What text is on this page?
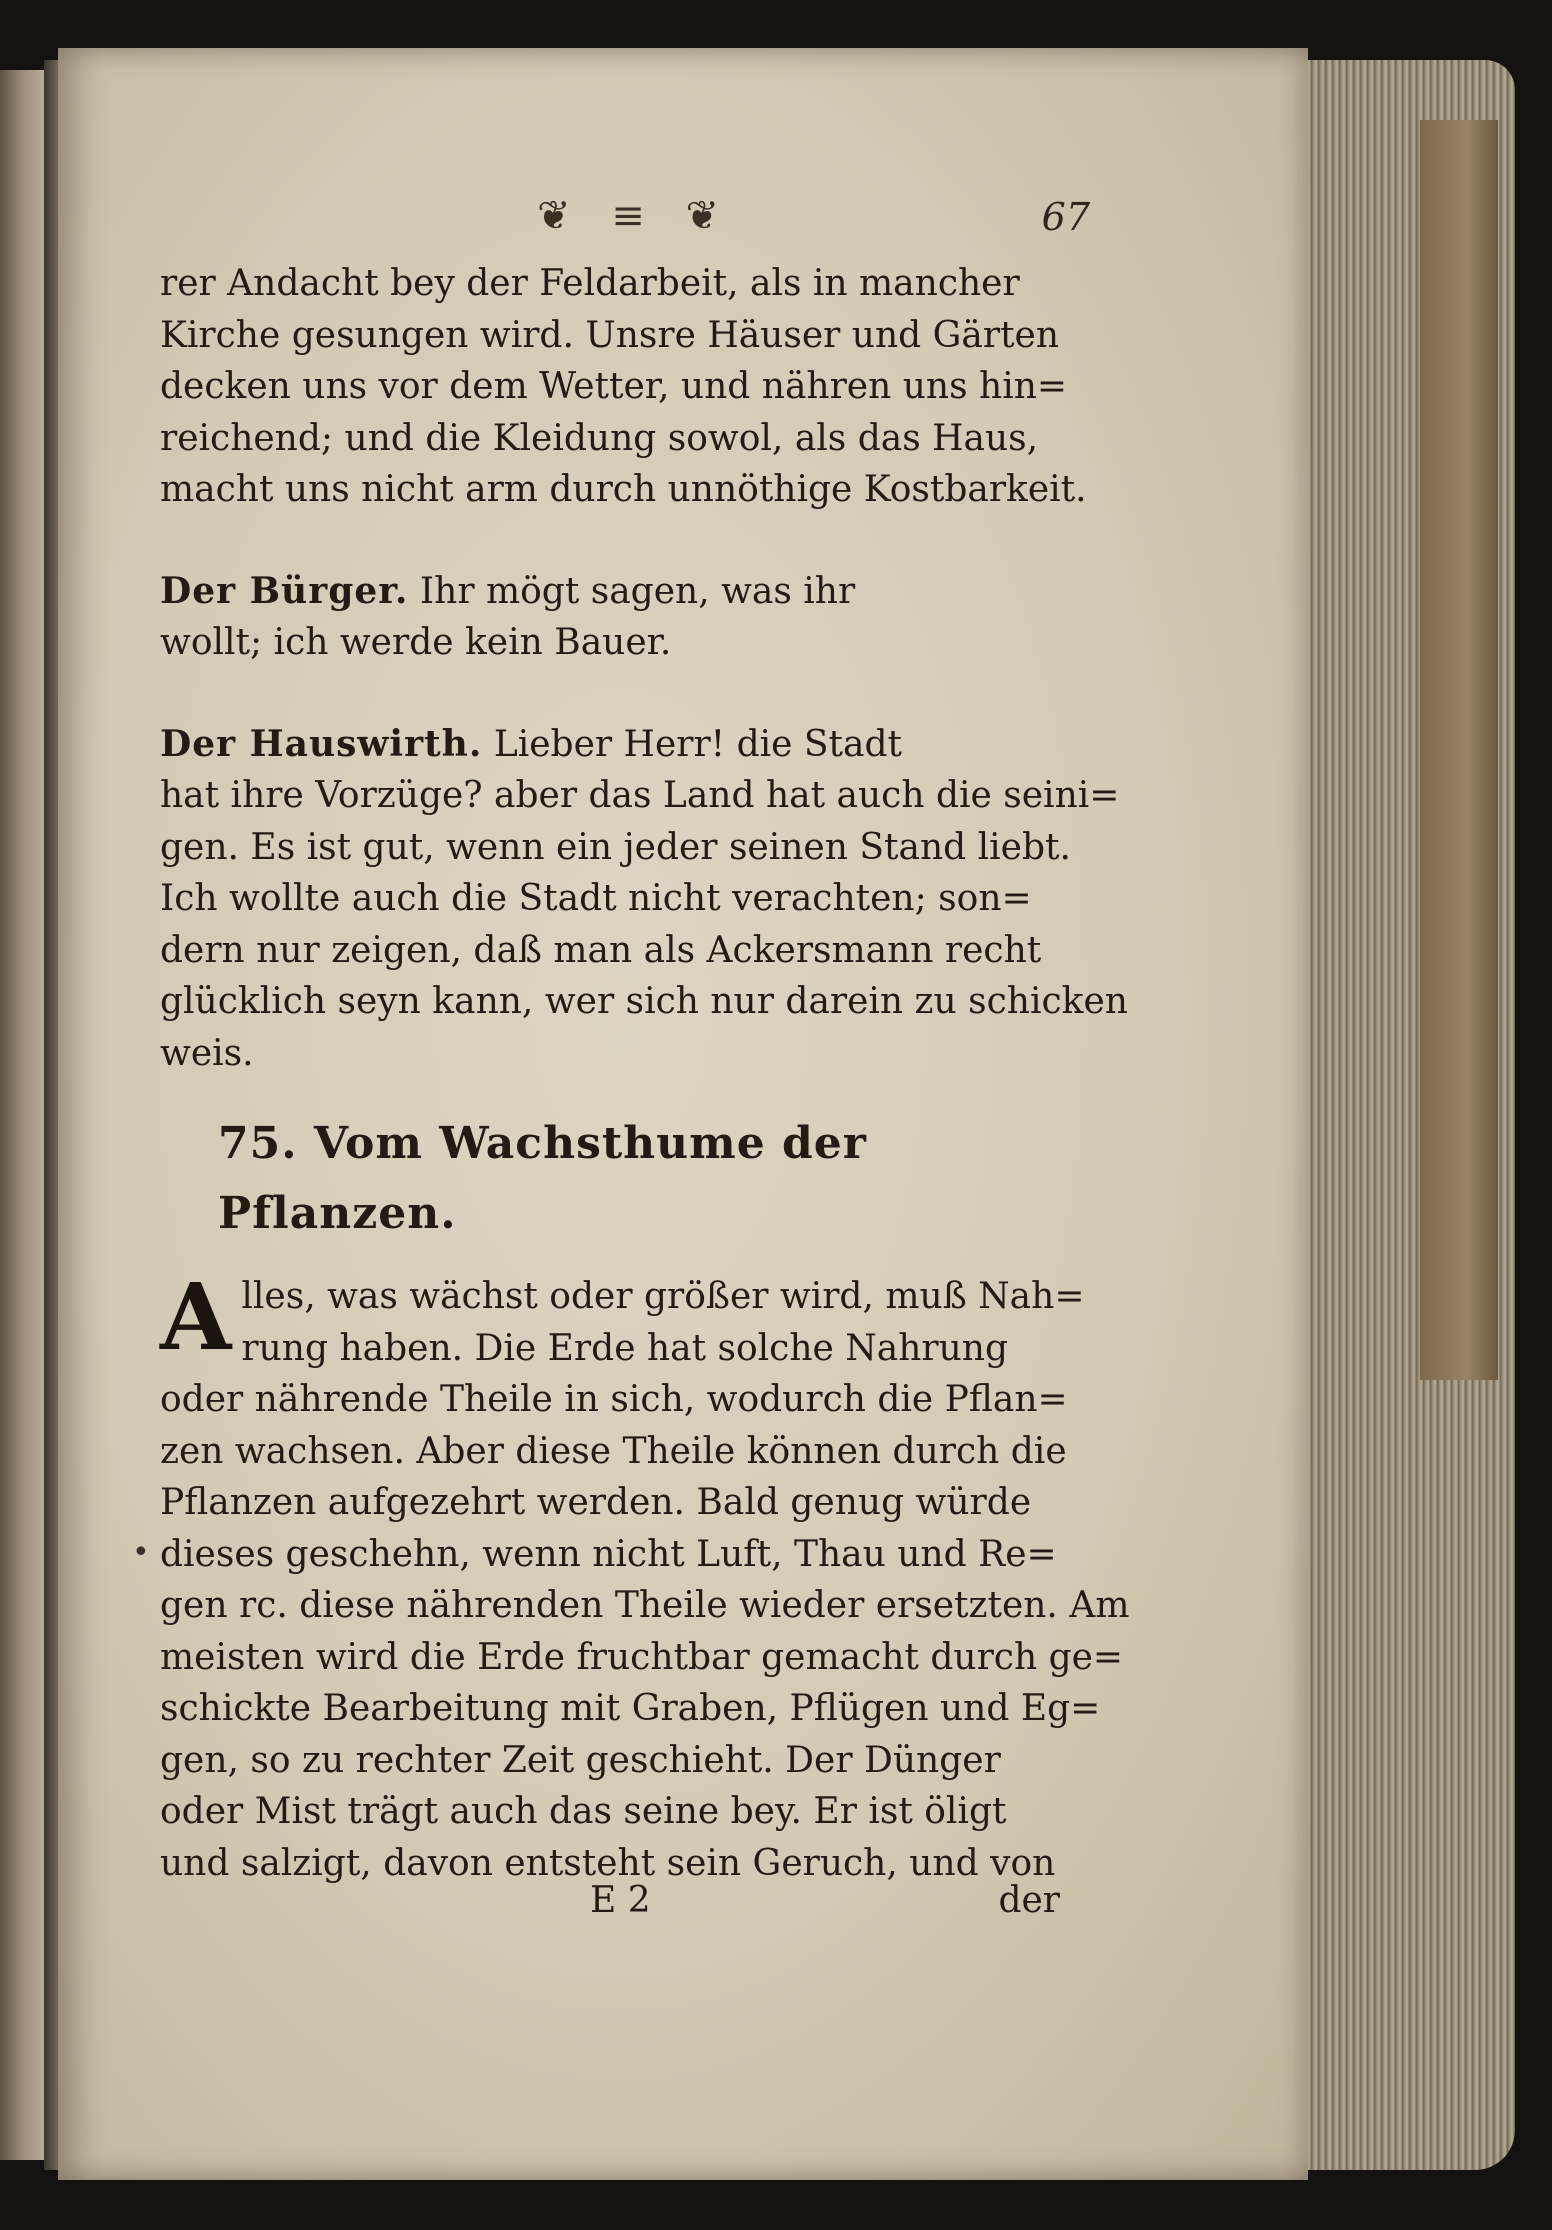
❦ ≡ ❦	67

rer Andacht bey der Feldarbeit, als in mancher
Kirche gesungen wird. Unsre Häuser und Gärten
decken uns vor dem Wetter, und nähren uns hin=
reichend; und die Kleidung sowol, als das Haus,
macht uns nicht arm durch unnöthige Kostbarkeit.

Der Bürger. Ihr mögt sagen, was ihr
wollt; ich werde kein Bauer.

Der Hauswirth. Lieber Herr! die Stadt
hat ihre Vorzüge? aber das Land hat auch die seini=
gen. Es ist gut, wenn ein jeder seinen Stand liebt.
Ich wollte auch die Stadt nicht verachten; son=
dern nur zeigen, daß man als Ackersmann recht
glücklich seyn kann, wer sich nur darein zu schicken
weis.

75. Vom Wachsthume der Pflanzen.

A lles, was wächst oder größer wird, muß Nah=
rung haben. Die Erde hat solche Nahrung
oder nährende Theile in sich, wodurch die Pflan=
zen wachsen. Aber diese Theile können durch die
Pflanzen aufgezehrt werden. Bald genug würde
dieses geschehn, wenn nicht Luft, Thau und Re=
gen rc. diese nährenden Theile wieder ersetzten. Am
meisten wird die Erde fruchtbar gemacht durch ge=
schickte Bearbeitung mit Graben, Pflügen und Eg=
gen, so zu rechter Zeit geschieht. Der Dünger
oder Mist trägt auch das seine bey. Er ist öligt
und salzigt, davon entsteht sein Geruch, und von

•
E 2	der
